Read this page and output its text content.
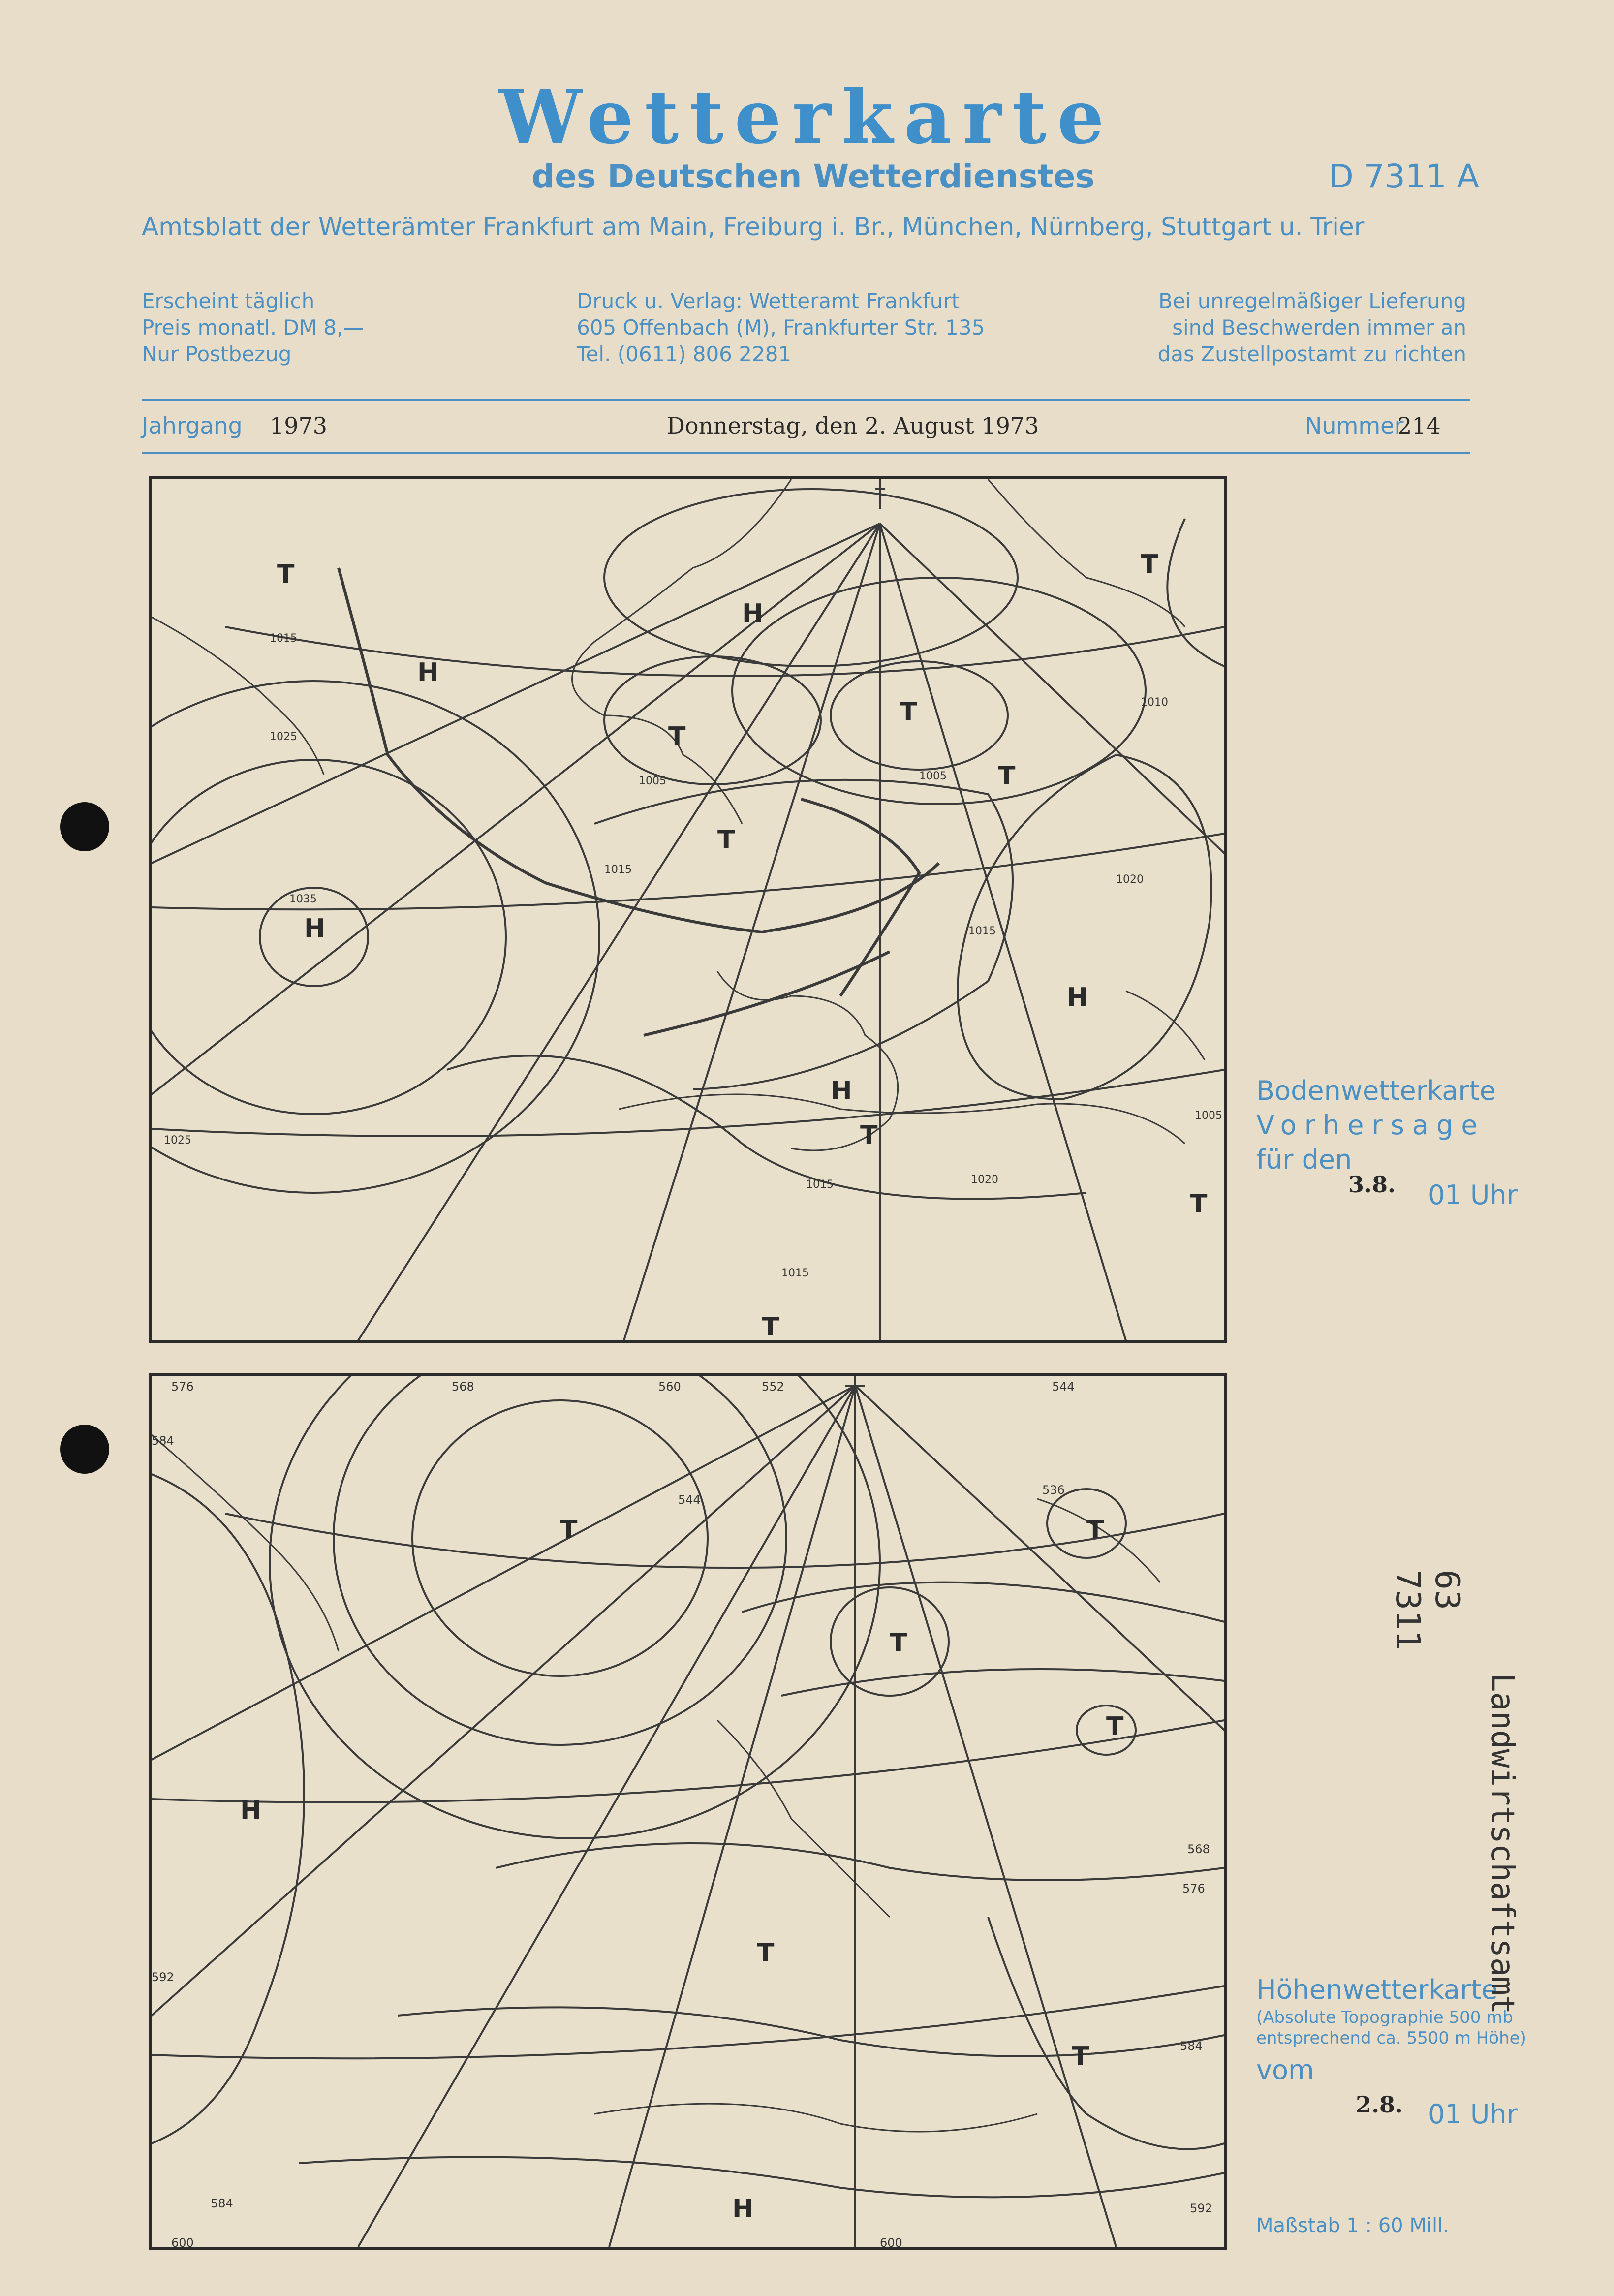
Wetterkarte
des Deutschen Wetterdienstes	D 7311 A
Amtsblatt der Wetterämter Frankfurt am Main, Freiburg i. Br., München, Nürnberg, Stuttgart u. Trier
Erscheint täglich
Preis monatl. DM 8,—
Nur Postbezug
Druck u. Verlag: Wetteramt Frankfurt
605 Offenbach (M), Frankfurter Str. 135
Tel. (0611) 806 2281
Bei unregelmäßiger Lieferung
sind Beschwerden immer an
das Zustellpostamt zu richten
Jahrgang 1973	Donnerstag, den 2. August 1973	Nummer
214
T
H
T
H
T
T
T
H
T
H
H
T
T
T
1015
1025
1035
1005
1015
1020
1010
1005
1025
1005
1015
1015
1020
1015
Bodenwetterkarte
Vorhersage
für den
3.8. 01 Uhr
T
T
T
T
H
T
T
H
576	568	560	552	544
544
584
536
592
584
600	600
592
584
576
568
Höhenwetterkarte
(Absolute Topographie 500 mb
entsprechend ca. 5500 m Höhe)
vom
2.8. 01 Uhr
Maßstab 1 : 60 Mill.
63
7311
Landwirtschaftsamt
